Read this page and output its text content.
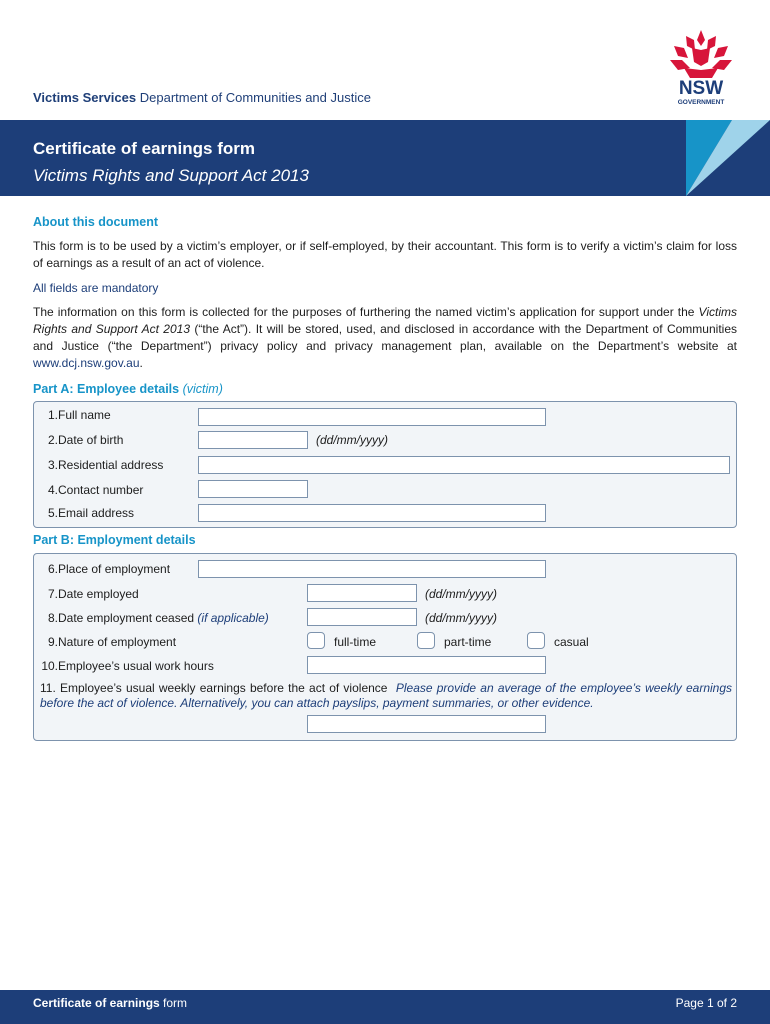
Victims Services Department of Communities and Justice	NSW
GOVERNMENT
Certificate of earnings form
Victims Rights and Support Act 2013
About this document
This form is to be used by a victim’s employer, or if self-employed, by their accountant. This form is to verify a victim’s claim for loss of earnings as a result of an act of violence.
All fields are mandatory
The information on this form is collected for the purposes of furthering the named victim’s application for support under the Victims Rights and Support Act 2013 (“the Act”). It will be stored, used, and disclosed in accordance with the Department of Communities and Justice (“the Department”) privacy policy and privacy management plan, available on the Department’s website at www.dcj.nsw.gov.au.
Part A: Employee details (victim)
1.Full name
2.Date of birth	(dd/mm/yyyy)
3.Residential address
4.Contact number
5.Email address
Part B: Employment details
6.Place of employment
7.Date employed	(dd/mm/yyyy)
8.Date employment ceased (if applicable)	(dd/mm/yyyy)
9.Nature of employment	full-time	part-time	casual
10.Employee’s usual work hours
11. Employee’s usual weekly earnings before the act of violence Please provide an average of the employee’s weekly earnings before the act of violence. Alternatively, you can attach payslips, payment summaries, or other evidence.
Certificate of earnings form	Page 1 of 2
